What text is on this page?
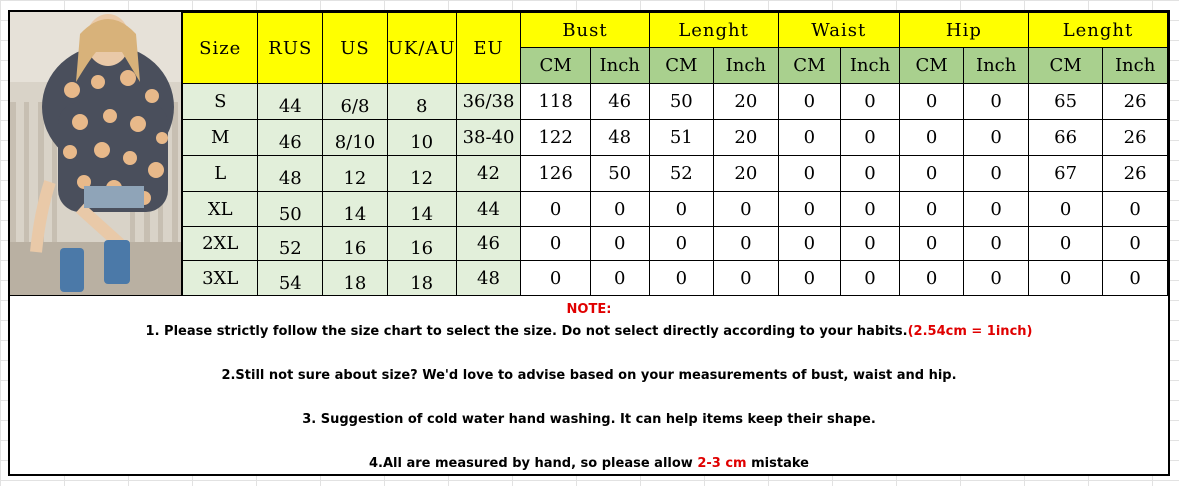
Size	RUS	US	UK/AU	EU	Bust		Lenght		Waist		Hip		Lenght	
					CM	Inch	CM	Inch	CM	Inch	CM	Inch	CM	Inch
S	44	6/8	8	36/38	118	46	50	20	0	0	0	0	65	26
M	46	8/10	10	38-40	122	48	51	20	0	0	0	0	66	26
L	48	12	12	42	126	50	52	20	0	0	0	0	67	26
XL	50	14	14	44	0	0	0	0	0	0	0	0	0	0
2XL	52	16	16	46	0	0	0	0	0	0	0	0	0	0
3XL	54	18	18	48	0	0	0	0	0	0	0	0	0	0
NOTE:
1. Please strictly follow the size chart to select the size. Do not select directly according to your habits.(2.54cm = 1inch)
2.Still not sure about size? We'd love to advise based on your measurements of bust, waist and hip.
3. Suggestion of cold water hand washing. It can help items keep their shape.
4.All are measured by hand, so please allow 2-3 cm mistake
